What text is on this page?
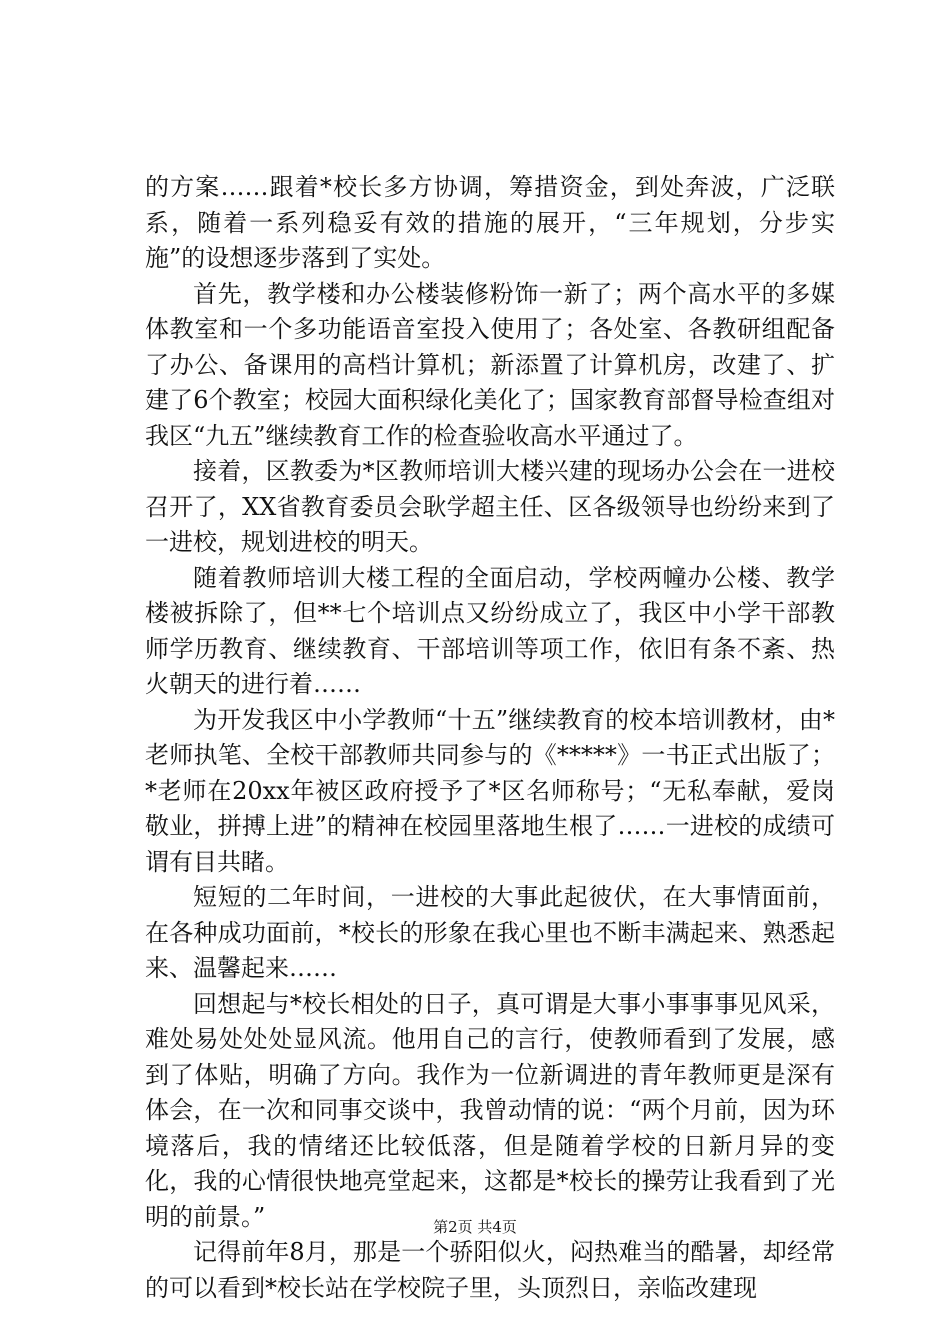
的方案……跟着*校长多方协调，筹措资金，到处奔波，广泛联系，随着一系列稳妥有效的措施的展开，“三年规划，分步实施”的设想逐步落到了实处。

首先，教学楼和办公楼装修粉饰一新了；两个高水平的多媒体教室和一个多功能语音室投入使用了；各处室、各教研组配备了办公、备课用的高档计算机；新添置了计算机房，改建了、扩建了6个教室；校园大面积绿化美化了；国家教育部督导检查组对我区“九五”继续教育工作的检查验收高水平通过了。

接着，区教委为*区教师培训大楼兴建的现场办公会在一进校召开了，XX省教育委员会耿学超主任、区各级领导也纷纷来到了一进校，规划进校的明天。

随着教师培训大楼工程的全面启动，学校两幢办公楼、教学楼被拆除了，但**七个培训点又纷纷成立了，我区中小学干部教师学历教育、继续教育、干部培训等项工作，依旧有条不紊、热火朝天的进行着……

为开发我区中小学教师“十五”继续教育的校本培训教材，由*老师执笔、全校干部教师共同参与的《*****》一书正式出版了；*老师在20xx年被区政府授予了*区名师称号；“无私奉献，爱岗敬业，拼搏上进”的精神在校园里落地生根了……一进校的成绩可谓有目共睹。

短短的二年时间，一进校的大事此起彼伏，在大事情面前，在各种成功面前，*校长的形象在我心里也不断丰满起来、熟悉起来、温馨起来……

回想起与*校长相处的日子，真可谓是大事小事事事见风采，难处易处处处显风流。他用自己的言行，使教师看到了发展，感到了体贴，明确了方向。我作为一位新调进的青年教师更是深有体会，在一次和同事交谈中，我曾动情的说：“两个月前，因为环境落后，我的情绪还比较低落，但是随着学校的日新月异的变化，我的心情很快地亮堂起来，这都是*校长的操劳让我看到了光明的前景。”

记得前年8月，那是一个骄阳似火，闷热难当的酷暑，却经常的可以看到*校长站在学校院子里，头顶烈日，亲临改建现

第2页 共4页
